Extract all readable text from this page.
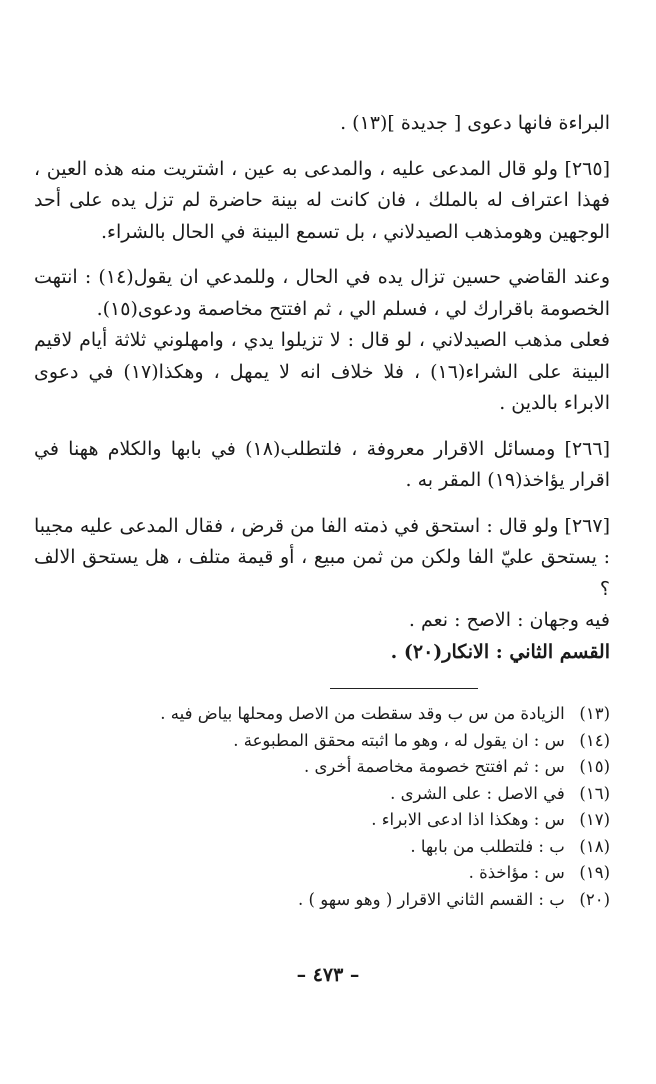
البراءة فانها دعوى [ جديدة ](١٣) .

[٢٦٥] ولو قال المدعى عليه ، والمدعى به عين ، اشتريت منه هذه العين ، فهذا اعتراف له بالملك ، فان كانت له بينة حاضرة لم تزل يده على أحد الوجهين وهومذهب الصيدلاني ، بل تسمع البينة في الحال بالشراء.

وعند القاضي حسين تزال يده في الحال ، وللمدعي ان يقول(١٤) : انتهت الخصومة باقرارك لي ، فسلم الي ، ثم افتتح مخاصمة ودعوى(١٥).

فعلى مذهب الصيدلاني ، لو قال : لا تزيلوا يدي ، وامهلوني ثلاثة أيام لاقيم البينة على الشراء(١٦) ، فلا خلاف انه لا يمهل ، وهكذا(١٧) في دعوى الابراء بالدين .

[٢٦٦] ومسائل الاقرار معروفة ، فلتطلب(١٨) في بابها والكلام ههنا في اقرار يؤاخذ(١٩) المقر به .

[٢٦٧] ولو قال : استحق في ذمته الفا من قرض ، فقال المدعى عليه مجيبا : يستحق عليّ الفا ولكن من ثمن مبيع ، أو قيمة متلف ، هل يستحق الالف ؟

فيه وجهان : الاصح : نعم .

القسم الثاني : الانكار(٢٠) .

(١٣) الزيادة من س ب وقد سقطت من الاصل ومحلها بياض فيه .
(١٤) س : ان يقول له ، وهو ما اثبته محقق المطبوعة .
(١٥) س : ثم افتتح خصومة مخاصمة أخرى .
(١٦) في الاصل : على الشرى .
(١٧) س : وهكذا اذا ادعى الابراء .
(١٨) ب : فلتطلب من بابها .
(١٩) س : مؤاخذة .
(٢٠) ب : القسم الثاني الاقرار ( وهو سهو ) .
– ٤٧٣ –
